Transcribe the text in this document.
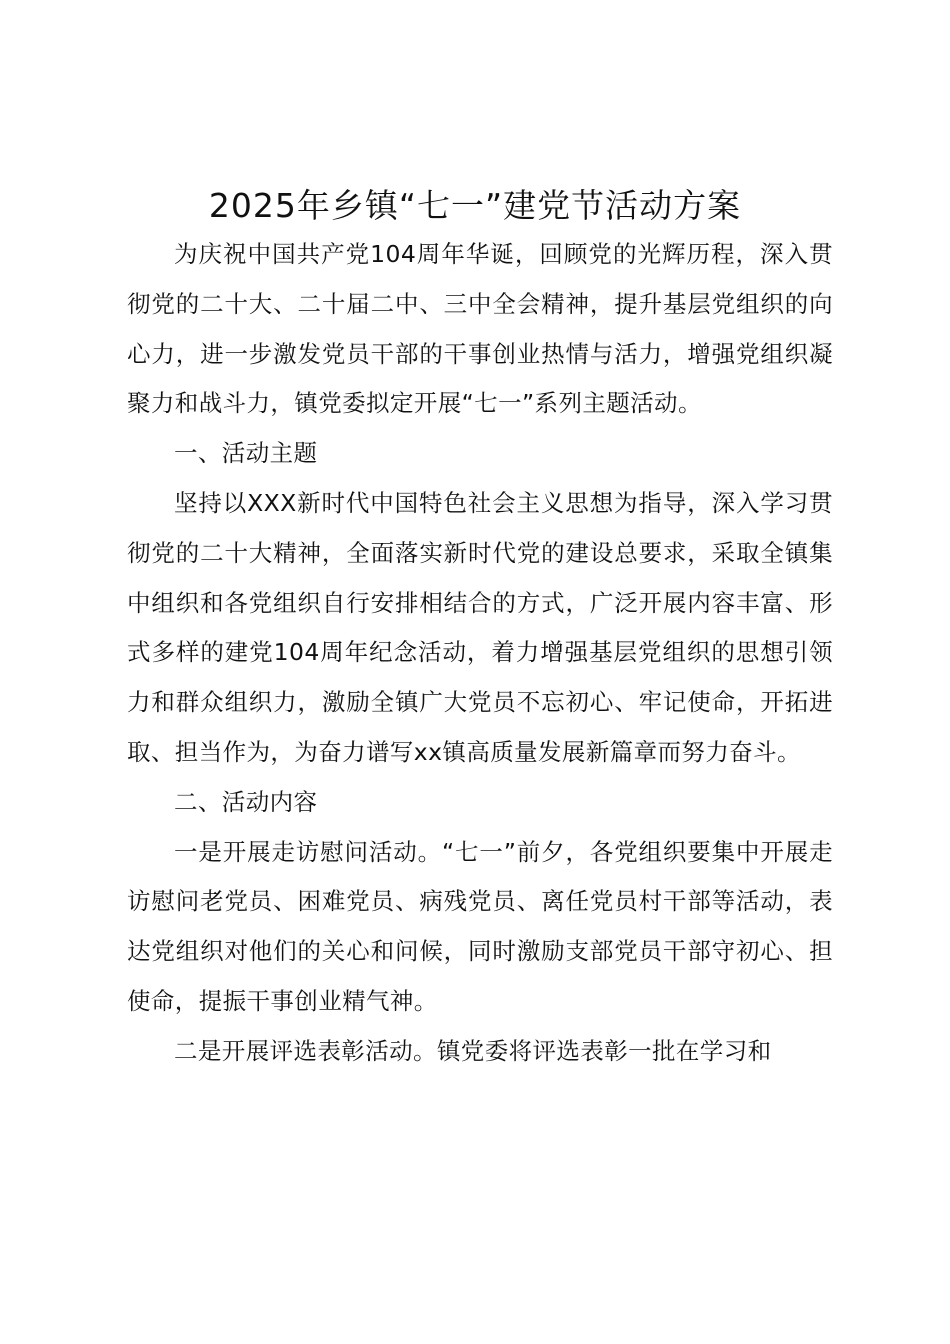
2025年乡镇“七一”建党节活动方案

为庆祝中国共产党104周年华诞，回顾党的光辉历程，深入贯彻党的二十大、二十届二中、三中全会精神，提升基层党组织的向心力，进一步激发党员干部的干事创业热情与活力，增强党组织凝聚力和战斗力，镇党委拟定开展“七一”系列主题活动。

一、活动主题

坚持以XXX新时代中国特色社会主义思想为指导，深入学习贯彻党的二十大精神，全面落实新时代党的建设总要求，采取全镇集中组织和各党组织自行安排相结合的方式，广泛开展内容丰富、形式多样的建党104周年纪念活动，着力增强基层党组织的思想引领力和群众组织力，激励全镇广大党员不忘初心、牢记使命，开拓进取、担当作为，为奋力谱写xx镇高质量发展新篇章而努力奋斗。

二、活动内容

一是开展走访慰问活动。“七一”前夕，各党组织要集中开展走访慰问老党员、困难党员、病残党员、离任党员村干部等活动，表达党组织对他们的关心和问候，同时激励支部党员干部守初心、担使命，提振干事创业精气神。

二是开展评选表彰活动。镇党委将评选表彰一批在学习和
